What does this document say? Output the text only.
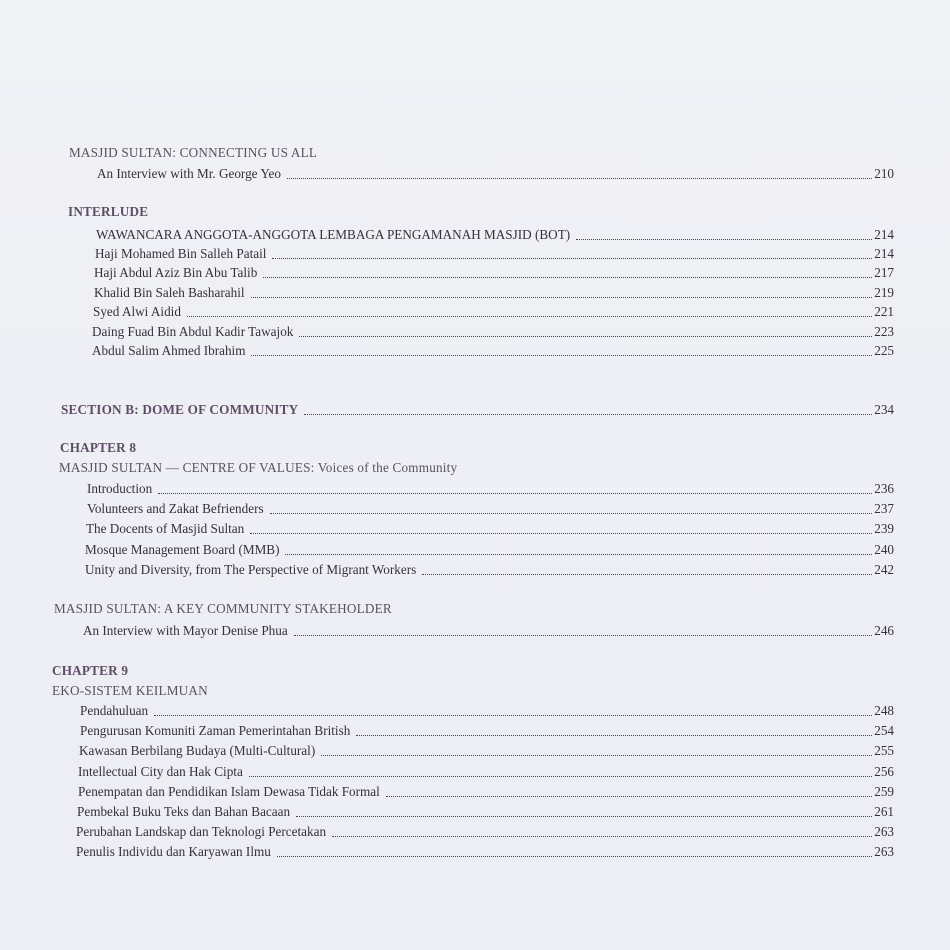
MASJID SULTAN: CONNECTING US ALL
An Interview with Mr. George Yeo	210
INTERLUDE
WAWANCARA ANGGOTA-ANGGOTA LEMBAGA PENGAMANAH MASJID (BOT)	214
Haji Mohamed Bin Salleh Patail	214
Haji Abdul Aziz Bin Abu Talib	217
Khalid Bin Saleh Basharahil	219
Syed Alwi Aidid	221
Daing Fuad Bin Abdul Kadir Tawajok	223
Abdul Salim Ahmed Ibrahim	225
SECTION B: DOME OF COMMUNITY	234
CHAPTER 8
MASJID SULTAN — CENTRE OF VALUES: Voices of the Community
Introduction	236
Volunteers and Zakat Befrienders	237
The Docents of Masjid Sultan	239
Mosque Management Board (MMB)	240
Unity and Diversity, from The Perspective of Migrant Workers	242
MASJID SULTAN: A KEY COMMUNITY STAKEHOLDER
An Interview with Mayor Denise Phua	246
CHAPTER 9
EKO-SISTEM KEILMUAN
Pendahuluan	248
Pengurusan Komuniti Zaman Pemerintahan British	254
Kawasan Berbilang Budaya (Multi-Cultural)	255
Intellectual City dan Hak Cipta	256
Penempatan dan Pendidikan Islam Dewasa Tidak Formal	259
Pembekal Buku Teks dan Bahan Bacaan	261
Perubahan Landskap dan Teknologi Percetakan	263
Penulis Individu dan Karyawan Ilmu	263
